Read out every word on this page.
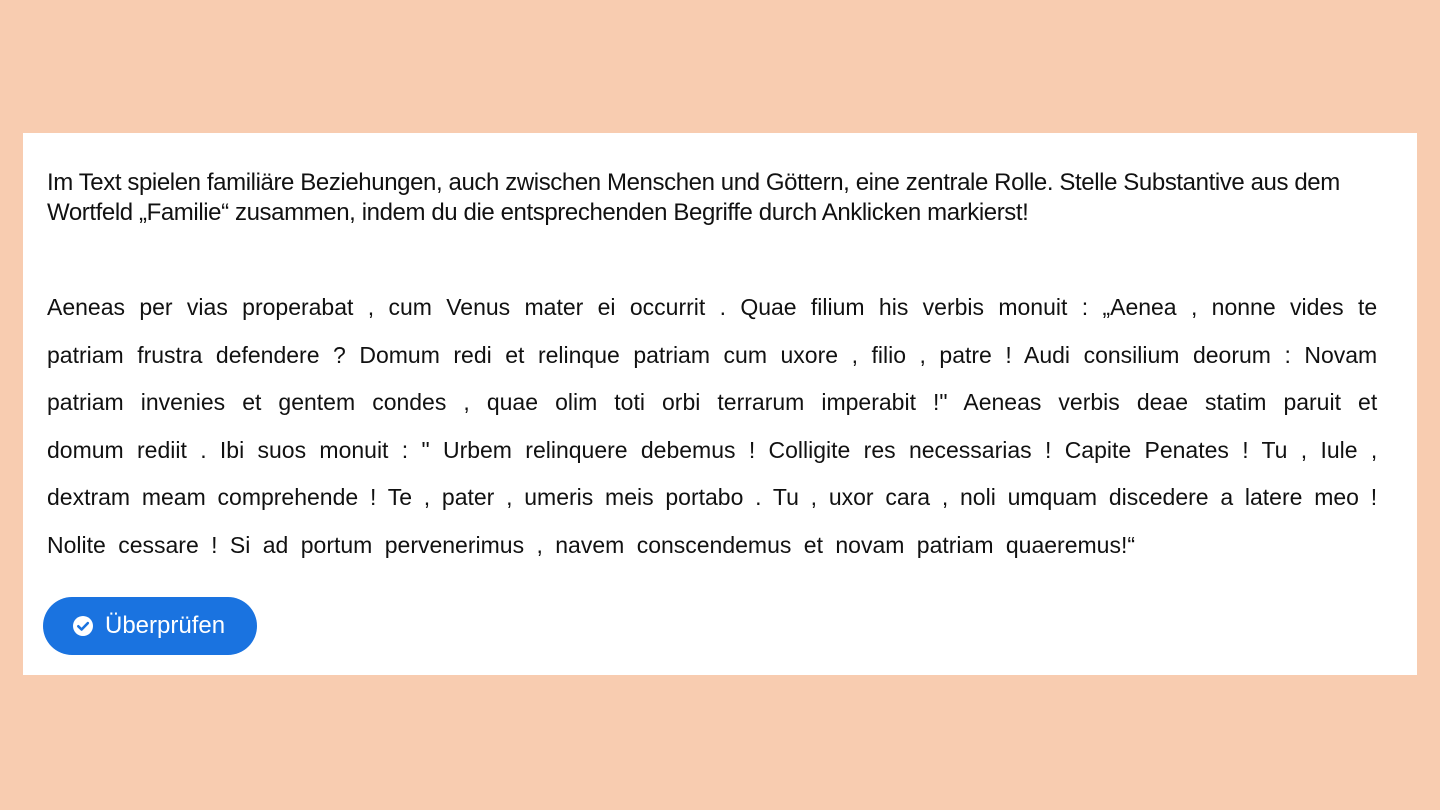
Im Text spielen familiäre Beziehungen, auch zwischen Menschen und Göttern, eine zentrale Rolle. Stelle Substantive aus dem Wortfeld „Familie“ zusammen, indem du die entsprechenden Begriffe durch Anklicken markierst!

Aeneas per vias properabat , cum Venus mater ei occurrit . Quae filium his verbis monuit : „Aenea , nonne vides te
patriam frustra defendere ? Domum redi et relinque patriam cum uxore , filio , patre ! Audi consilium deorum : Novam
patriam invenies et gentem condes , quae olim toti orbi terrarum imperabit !" Aeneas verbis deae statim paruit et
domum rediit . Ibi suos monuit : " Urbem relinquere debemus ! Colligite res necessarias ! Capite Penates ! Tu , Iule ,
dextram meam comprehende ! Te , pater , umeris meis portabo . Tu , uxor cara , noli umquam discedere a latere meo !
Nolite cessare ! Si ad portum pervenerimus , navem conscendemus et novam patriam quaeremus!“
Überprüfen
